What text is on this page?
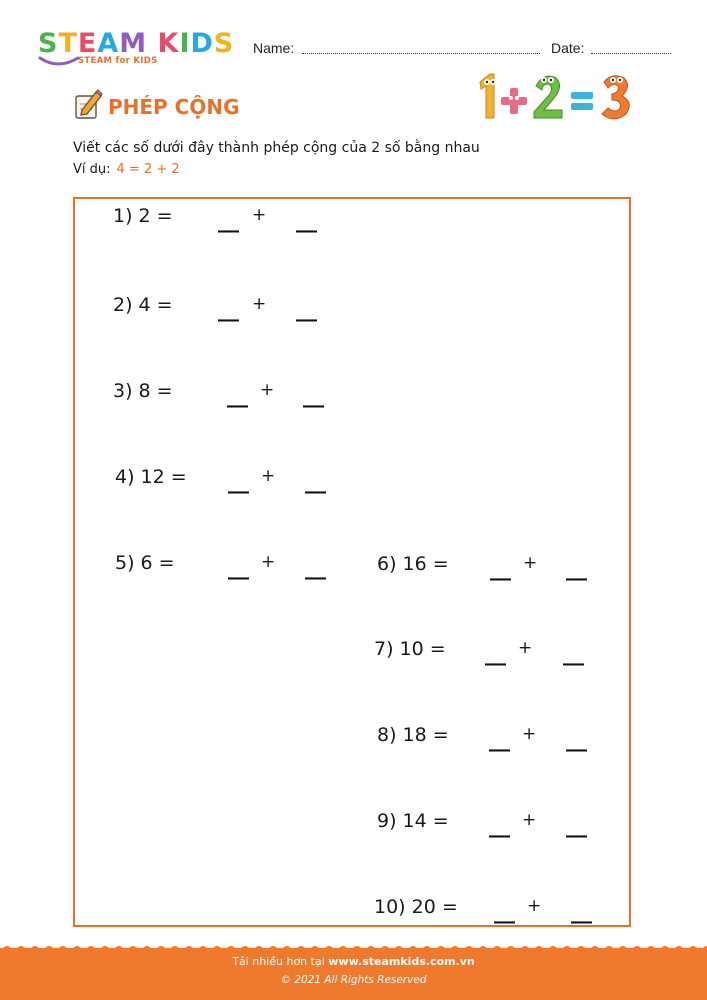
STEAM KIDS
STEAM for KIDS
Name:	Date:
PHÉP CỘNG
Viết các số dưới đây thành phép cộng của 2 số bằng nhau
Ví dụ: 4 = 2 + 2
1) 2 = __ + __
2) 4 = __ + __
3) 8 = __ + __
4) 12 = __ + __
5) 6 = __ + __	6) 16 = __ + __
7) 10 = __ + __
8) 18 = __ + __
9) 14 = __ + __
10) 20 = __ + __
Tải nhiều hơn tại www.steamkids.com.vn
© 2021 All Rights Reserved
